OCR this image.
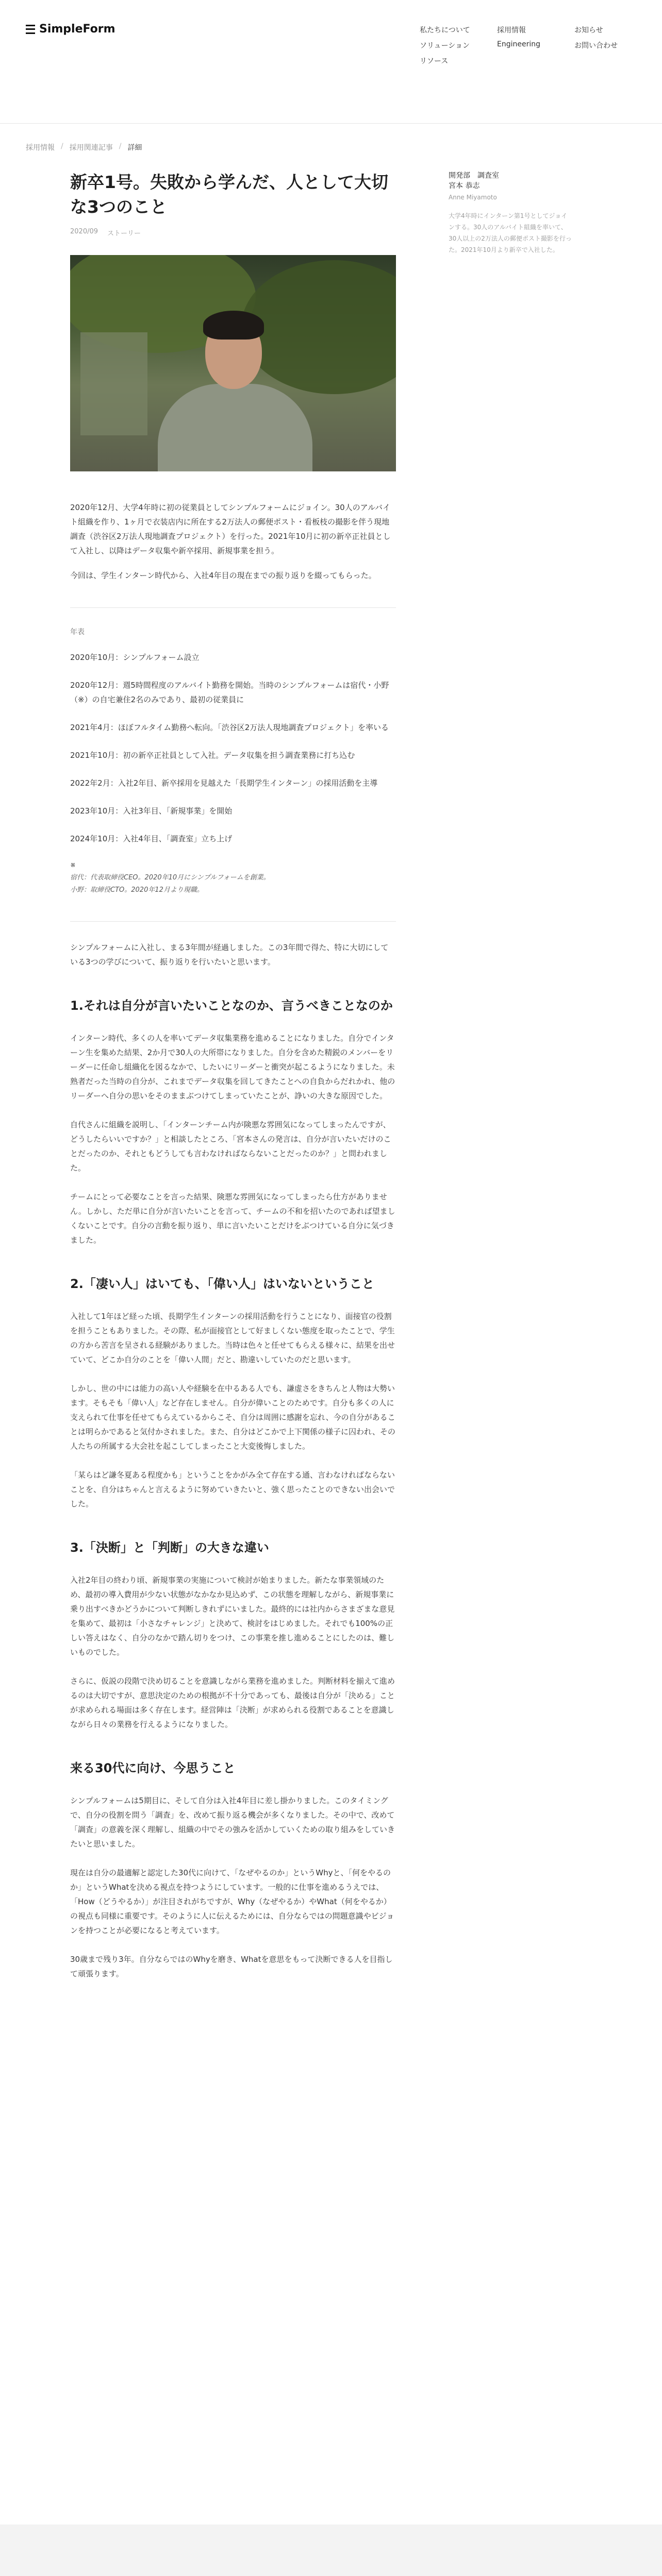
SimpleForm	私たちについて	採用情報	お知らせ
ソリューション	Engineering	お問い合わせ
リソース
採用情報 / 採用関連記事 / 詳細
新卒1号。失敗から学んだ、人として大切な3つのこと
2020/09 ストーリー

2020年12月、大学4年時に初の従業員としてシンプルフォームにジョイン。30人のアルバイト組織を作り、1ヶ月で衣装店内に所在する2万法人の郵便ポスト・看板枝の撮影を伴う現地調査（渋谷区2万法人現地調査プロジェクト）を行った。2021年10月に初の新卒正社員として入社し、以降はデータ収集や新卒採用、新規事業を担う。

今回は、学生インターン時代から、入社4年目の現在までの振り返りを綴ってもらった。

年表
2020年10月：シンプルフォーム設立
2020年12月：週5時間程度のアルバイト勤務を開始。当時のシンプルフォームは宿代・小野（※）の自宅兼住2名のみであり、最初の従業員に
2021年4月：ほぼフルタイム勤務へ転向。「渋谷区2万法人現地調査プロジェクト」を率いる
2021年10月：初の新卒正社員として入社。データ収集を担う調査業務に打ち込む
2022年2月：入社2年目、新卒採用を見越えた「長期学生インターン」の採用活動を主導
2023年10月：入社3年目、「新規事業」を開始
2024年10月：入社4年目、「調査室」立ち上げ
※
宿代：代表取締役CEO。2020年10月にシンプルフォームを創業。
小野：取締役CTO。2020年12月より現職。

シンプルフォームに入社し、まる3年間が経過しました。この3年間で得た、特に大切にしている3つの学びについて、振り返りを行いたいと思います。

1.それは自分が言いたいことなのか、言うべきことなのか

インターン時代、多くの人を率いてデータ収集業務を進めることになりました。自分でインターン生を集めた結果、2か月で30人の大所帯になりました。自分を含めた精鋭のメンバーをリーダーに任命し組織化を図るなかで、したいにリーダーと衝突が起こるようになりました。未熟者だった当時の自分が、これまでデータ収集を回してきたことへの自負からだれかれ、他のリーダーへ自分の思いをそのままぶつけてしまっていたことが、諍いの大きな原因でした。

自代さんに組織を説明し、「インターンチーム内が険悪な雰囲気になってしまったんですが、どうしたらいいですか？」と相談したところ、「宮本さんの発言は、自分が言いたいだけのことだったのか、それともどうしても言わなければならないことだったのか？」と問われました。

チームにとって必要なことを言った結果、険悪な雰囲気になってしまったら仕方がありません。しかし、ただ単に自分が言いたいことを言って、チームの不和を招いたのであれば望ましくないことです。自分の言動を振り返り、単に言いたいことだけをぶつけている自分に気づきました。

2.「凄い人」はいても、「偉い人」はいないということ

入社して1年ほど経った頃、長期学生インターンの採用活動を行うことになり、面接官の役割を担うこともありました。その際、私が面接官として好ましくない態度を取ったことで、学生の方から苦言を呈される経験がありました。当時は色々と任せてもらえる様々に、結果を出せていて、どこか自分のことを「偉い人間」だと、勘違いしていたのだと思います。

しかし、世の中には能力の高い人や経験を在中るある人でも、謙虚さをきちんと人物は大勢います。そもそも「偉い人」など存在しません。自分が偉いことのためです。自分も多くの人に支えられて仕事を任せてもらえているからこそ、自分は周囲に感謝を忘れ、今の自分があることは明らかであると気付かされました。また、自分はどこかで上下関係の様子に囚われ、その人たちの所属する大会社を起こしてしまったこと大変後悔しました。

「某らはど謙冬夏ある程度かも」ということをかがみ全て存在する通、言わなければならないことを、自分はちゃんと言えるように努めていきたいと、強く思ったことのできない出会いでした。

3.「決断」と「判断」の大きな違い

入社2年目の終わり頃、新規事業の実施について検討が始まりました。新たな事業領域のため、最初の導入費用が少ない状態がなかなか見込めず、この状態を理解しながら、新規事業に乗り出すべきかどうかについて判断しきれずにいました。最終的には社内からさまざまな意見を集めて、最初は「小さなチャレンジ」と決めて、検討をはじめました。それでも100%の正しい答えはなく、自分のなかで踏ん切りをつけ、この事業を推し進めることにしたのは、難しいものでした。

さらに、仮説の段階で決め切ることを意識しながら業務を進めました。判断材料を揃えて進めるのは大切ですが、意思決定のための根拠が不十分であっても、最後は自分が「決める」ことが求められる場面は多く存在します。経営陣は「決断」が求められる役割であることを意識しながら日々の業務を行えるようになりました。

来る30代に向け、今思うこと

シンプルフォームは5期目に、そして自分は入社4年目に差し掛かりました。このタイミングで、自分の役割を問う「調査」を、改めて振り返る機会が多くなりました。その中で、改めて「調査」の意義を深く理解し、組織の中でその強みを活かしていくための取り組みをしていきたいと思いました。

現在は自分の最適解と認定した30代に向けて、「なぜやるのか」というWhyと、「何をやるのか」というWhatを決める視点を持つようにしています。一般的に仕事を進めるうえでは、「How（どうやるか）」が注目されがちですが、Why（なぜやるか）やWhat（何をやるか）の視点も同様に重要です。そのように人に伝えるためには、自分ならではの問題意識やビジョンを持つことが必要になると考えています。

30歳まで残り3年。自分ならではのWhyを磨き、Whatを意思をもって決断できる人を目指して頑張ります。

開発部　調査室
宮本 恭志
Anne Miyamoto
大学4年時にインターン第1号としてジョインする。30人のアルバイト組織を率いて、30人以上の2万法人の郵便ポスト撮影を行った。2021年10月より新卒で入社した。
